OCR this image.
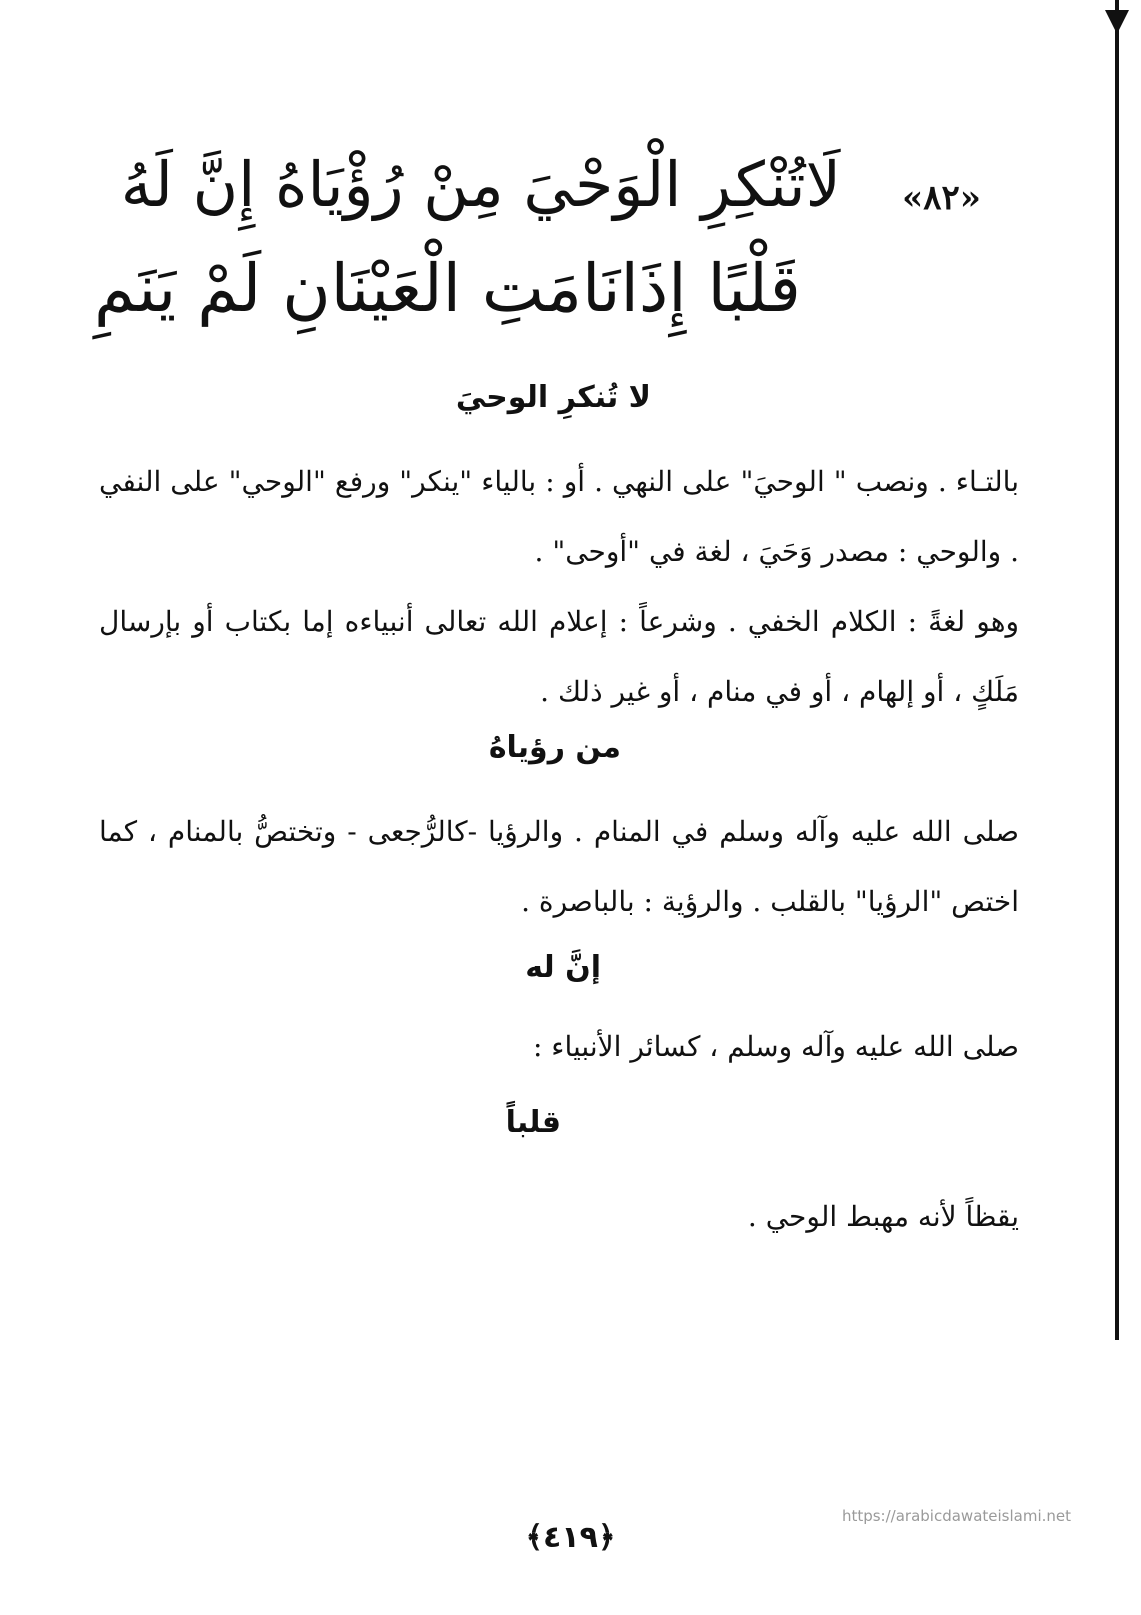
«٨٢»
لَاتُنْكِرِ الْوَحْيَ مِنْ رُؤْيَاهُ إِنَّ لَهُ
قَلْبًا إِذَانَامَتِ الْعَيْنَانِ لَمْ يَنَمِ
لا تُنكرِ الوحيَ
بالتـاء . ونصب " الوحيَ" على النهي . أو : بالياء "ينكر" ورفع "الوحي" على النفي . والوحي : مصدر وَحَيَ ، لغة في "أوحى" .
وهو لغةً : الكلام الخفي . وشرعاً : إعلام الله تعالى أنبياءه إما بكتاب أو بإرسال مَلَكٍ ، أو إلهام ، أو في منام ، أو غير ذلك .
من رؤياهُ
صلى الله عليه وآله وسلم في المنام . والرؤيا -كالرُّجعى - وتختصُّ بالمنام ، كما اختص "الرؤيا" بالقلب . والرؤية : بالباصرة .
إنَّ له
صلى الله عليه وآله وسلم ، كسائر الأنبياء :
قلباً
يقظاً لأنه مهبط الوحي .
https://arabicdawateislami.net
﴿٤١٩﴾
